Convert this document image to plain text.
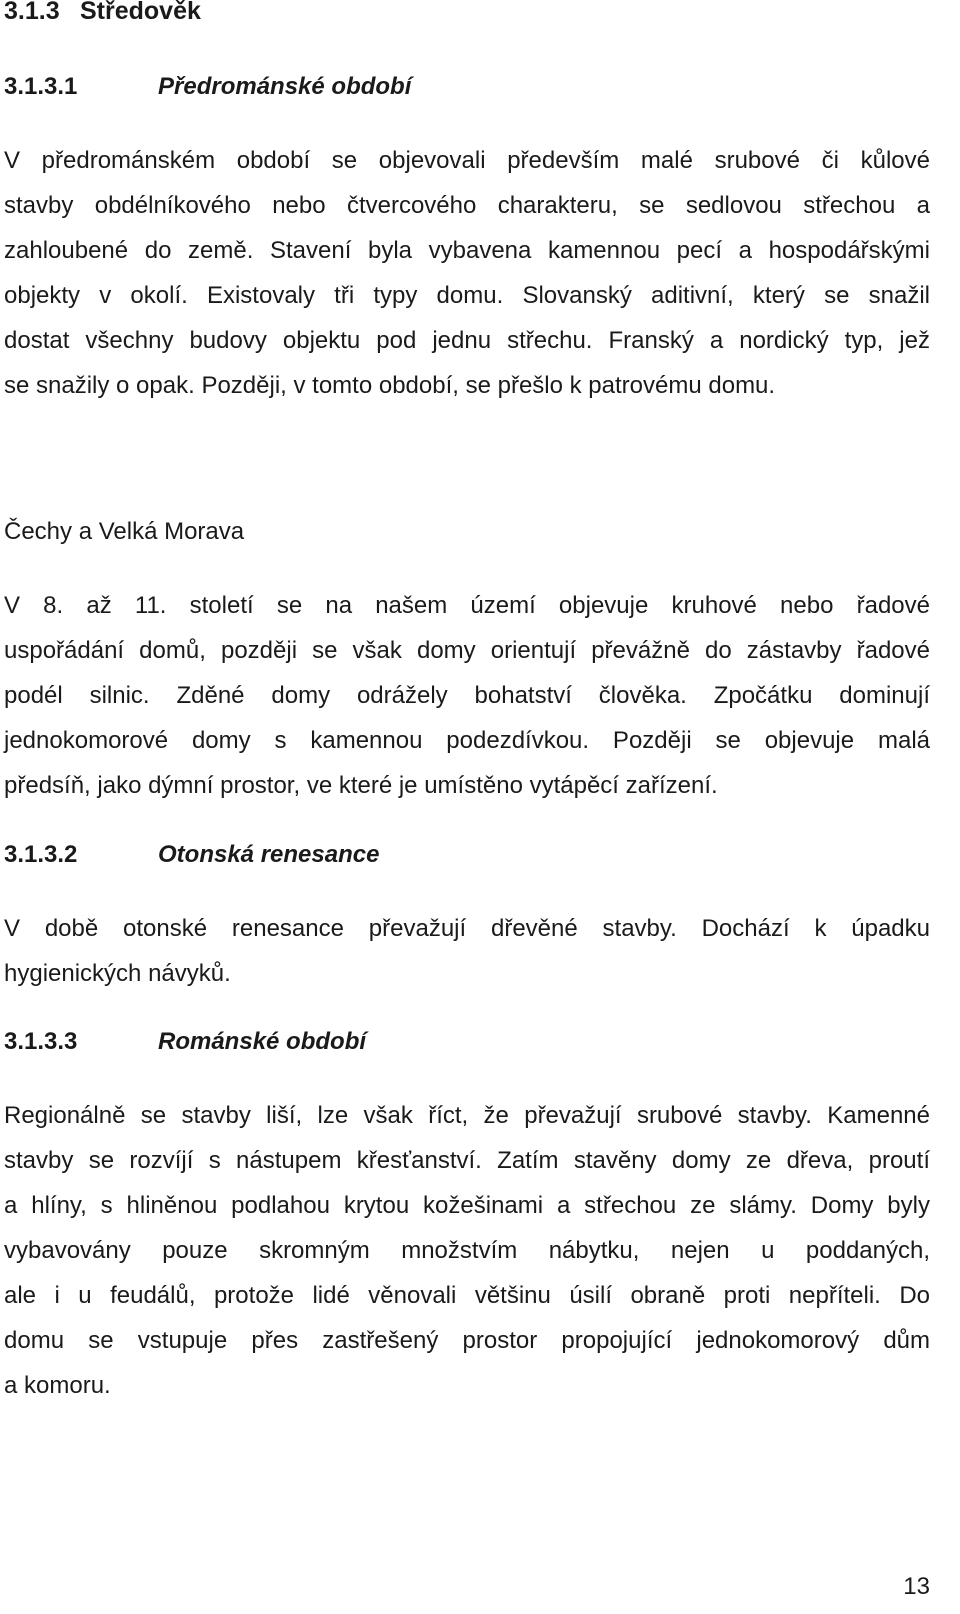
3.1.3 Středověk
3.1.3.1	Předrománské období
V předrománském období se objevovali především malé srubové či kůlové
stavby obdélníkového nebo čtvercového charakteru, se sedlovou střechou a
zahloubené do země. Stavení byla vybavena kamennou pecí a hospodářskými
objekty v okolí. Existovaly tři typy domu. Slovanský aditivní, který se snažil
dostat všechny budovy objektu pod jednu střechu. Franský a nordický typ, jež
se snažily o opak. Později, v tomto období, se přešlo k patrovému domu.

Čechy a Velká Morava

V 8. až 11. století se na našem území objevuje kruhové nebo řadové
uspořádání domů, později se však domy orientují převážně do zástavby řadové
podél silnic. Zděné domy odrážely bohatství člověka. Zpočátku dominují
jednokomorové domy s kamennou podezdívkou. Později se objevuje malá
předsíň, jako dýmní prostor, ve které je umístěno vytápěcí zařízení.
3.1.3.2	Otonská renesance
V době otonské renesance převažují dřevěné stavby. Dochází k úpadku
hygienických návyků.
3.1.3.3	Románské období
Regionálně se stavby liší, lze však říct, že převažují srubové stavby. Kamenné
stavby se rozvíjí s nástupem křesťanství. Zatím stavěny domy ze dřeva, proutí
a hlíny, s hliněnou podlahou krytou kožešinami a střechou ze slámy. Domy byly
vybavovány pouze skromným množstvím nábytku, nejen u poddaných,
ale i u feudálů, protože lidé věnovali většinu úsilí obraně proti nepříteli. Do
domu se vstupuje přes zastřešený prostor propojující jednokomorový dům
a komoru.

13
